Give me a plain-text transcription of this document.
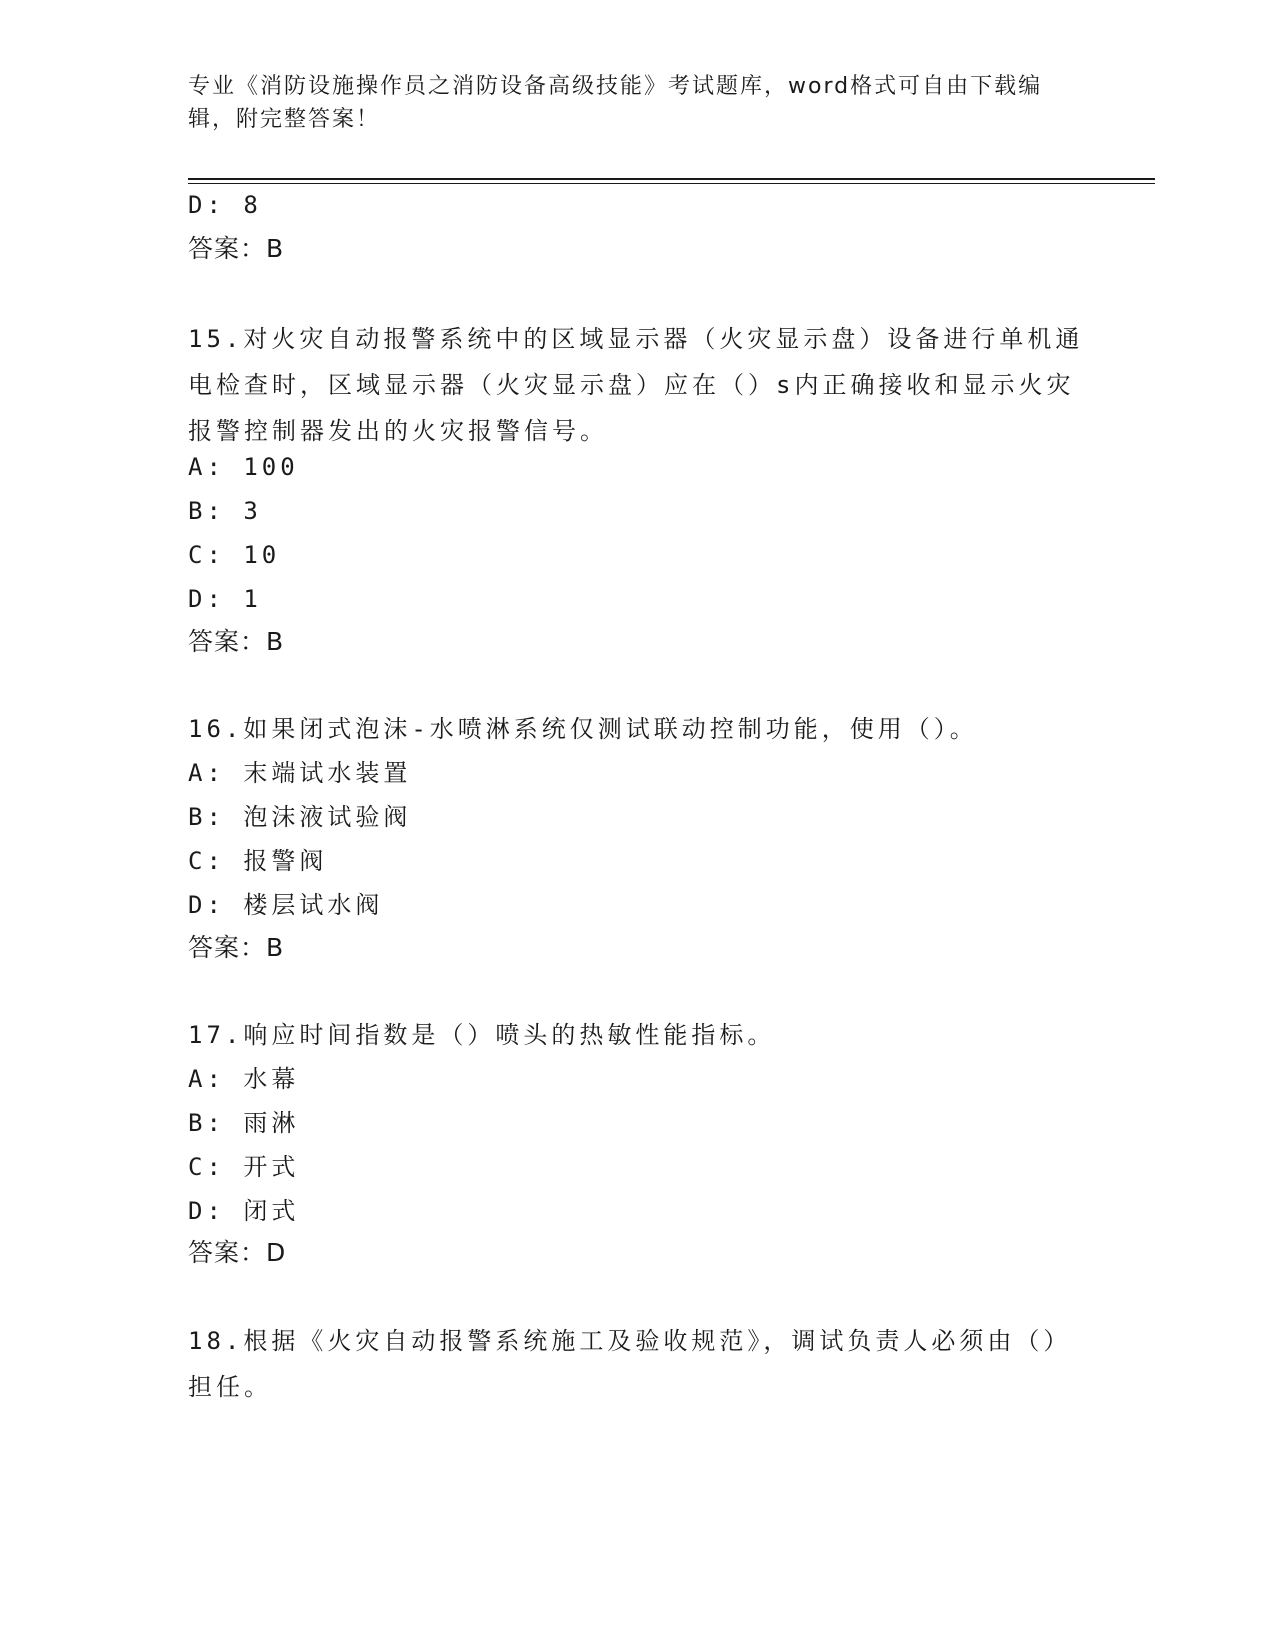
专业《消防设施操作员之消防设备高级技能》考试题库，word格式可自由下载编辑，附完整答案！
D: 8
答案：B
15.对火灾自动报警系统中的区域显示器（火灾显示盘）设备进行单机通电检查时，区域显示器（火灾显示盘）应在（）s内正确接收和显示火灾报警控制器发出的火灾报警信号。
A: 100
B: 3
C: 10
D: 1
答案：B
16.如果闭式泡沫-水喷淋系统仅测试联动控制功能，使用（）。
A: 末端试水装置
B: 泡沫液试验阀
C: 报警阀
D: 楼层试水阀
答案：B
17.响应时间指数是（）喷头的热敏性能指标。
A: 水幕
B: 雨淋
C: 开式
D: 闭式
答案：D
18.根据《火灾自动报警系统施工及验收规范》，调试负责人必须由（）担任。
